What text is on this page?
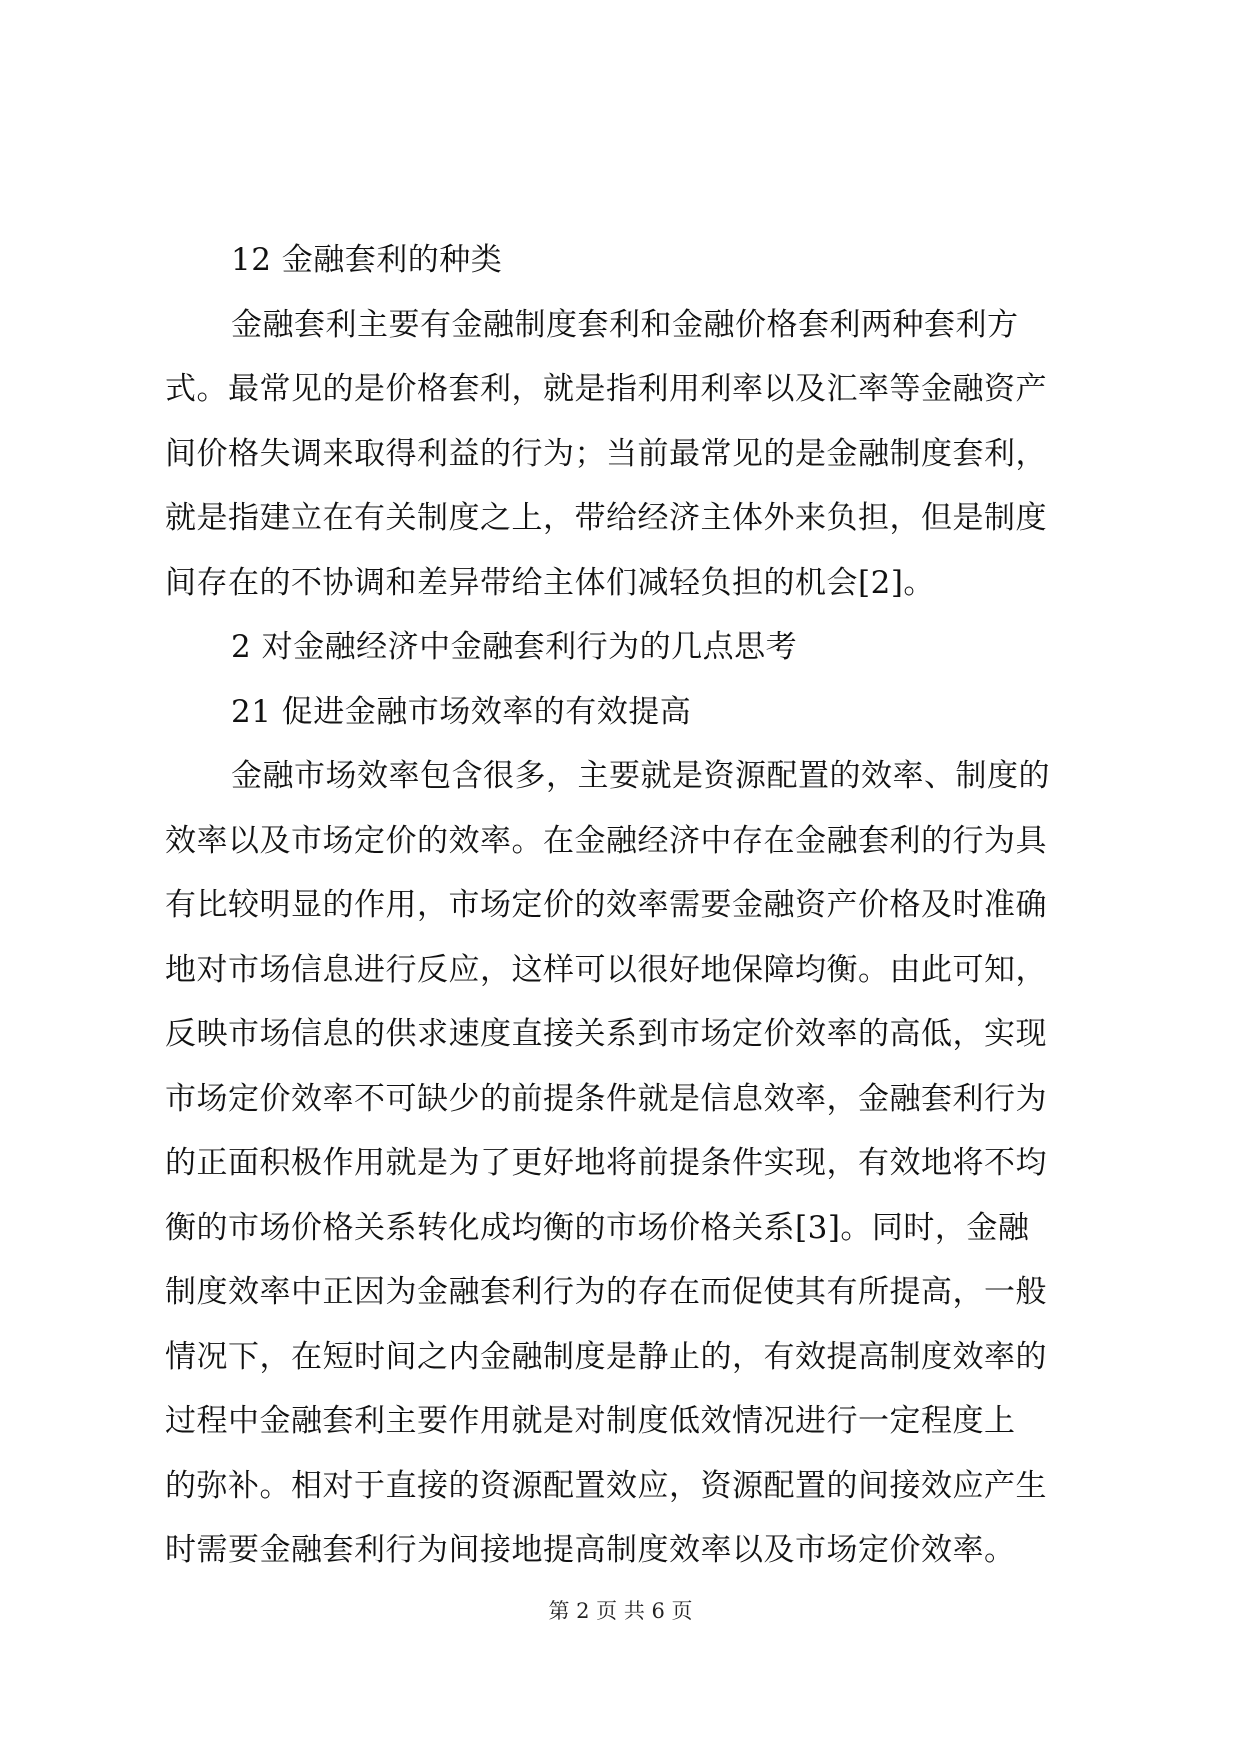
12 金融套利的种类
金融套利主要有金融制度套利和金融价格套利两种套利方
式。最常见的是价格套利，就是指利用利率以及汇率等金融资产
间价格失调来取得利益的行为；当前最常见的是金融制度套利，
就是指建立在有关制度之上，带给经济主体外来负担，但是制度
间存在的不协调和差异带给主体们减轻负担的机会[2]。
2 对金融经济中金融套利行为的几点思考
21 促进金融市场效率的有效提高
金融市场效率包含很多，主要就是资源配置的效率、制度的
效率以及市场定价的效率。在金融经济中存在金融套利的行为具
有比较明显的作用，市场定价的效率需要金融资产价格及时准确
地对市场信息进行反应，这样可以很好地保障均衡。由此可知，
反映市场信息的供求速度直接关系到市场定价效率的高低，实现
市场定价效率不可缺少的前提条件就是信息效率，金融套利行为
的正面积极作用就是为了更好地将前提条件实现，有效地将不均
衡的市场价格关系转化成均衡的市场价格关系[3]。同时，金融
制度效率中正因为金融套利行为的存在而促使其有所提高，一般
情况下，在短时间之内金融制度是静止的，有效提高制度效率的
过程中金融套利主要作用就是对制度低效情况进行一定程度上
的弥补。相对于直接的资源配置效应，资源配置的间接效应产生
时需要金融套利行为间接地提高制度效率以及市场定价效率。
第 2 页 共 6 页
